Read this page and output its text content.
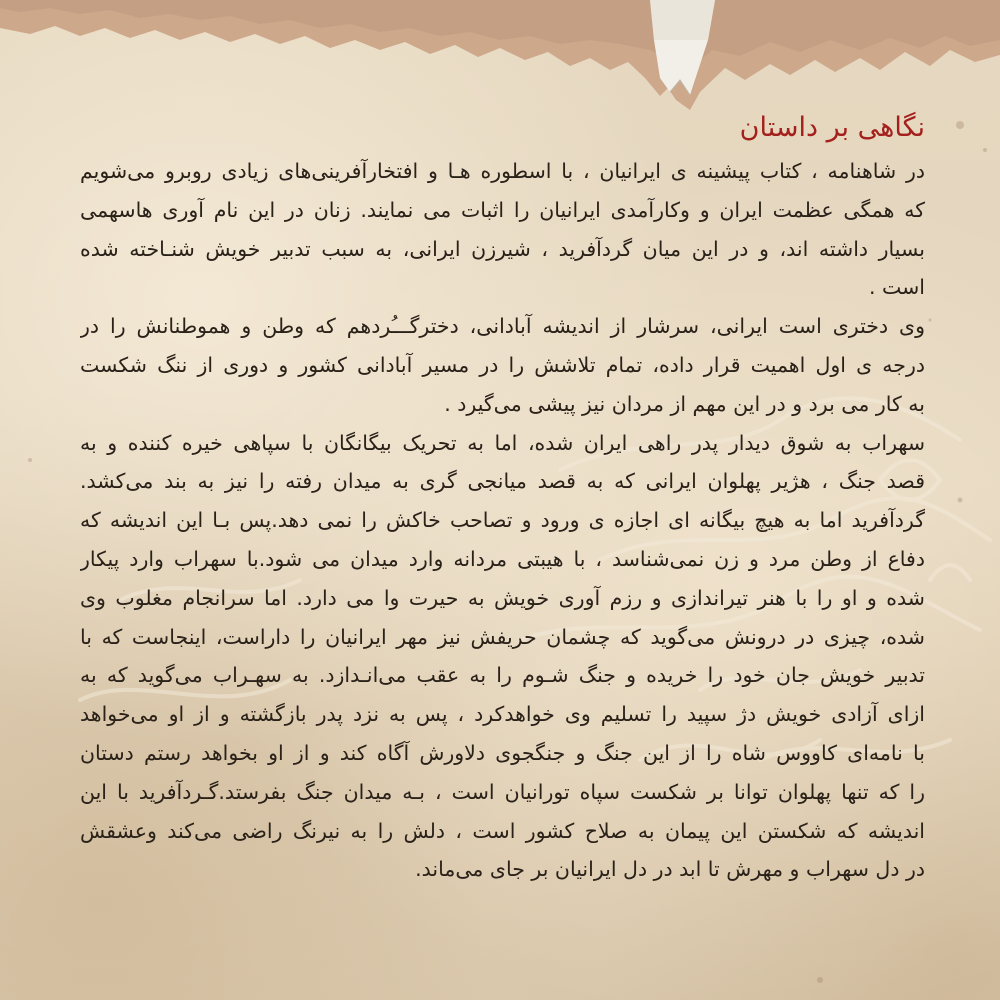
نگاهی بر داستان
در شاهنامه ، کتاب پیشینه ی ایرانیان ، با اسطوره هـا و افتخارآفرینی‌های زیادی روبرو می‌شویم
که همگی عظمت ایران و وکارآمدی ایرانیان را اثبات می نمایند. زنان در این نام آوری هاسهمی
بسیار داشته اند، و در این میان گردآفرید ، شیرزن ایرانی، به سبب تدبیر خویش شنـاخته شده
است .
وی دختری است ایرانی، سرشار از اندیشه آبادانی، دخترگـــُردهم که وطن و هموطنانش را در
درجه ی اول اهمیت قرار داده، تمام تلاشش را در مسیر آبادانی کشور و دوری از ننگ شکست
به کار می برد و در این مهم از مردان نیز پیشی می‌گیرد .
سهراب به شوق دیدار پدر راهی ایران شده، اما به تحریک بیگانگان با سپاهی خیره کننده و به
قصد جنگ ، هژیر پهلوان ایرانی که به قصد میانجی گری به میدان رفته را نیز به بند می‌کشد.
گردآفرید اما به هیچ بیگانه ای اجازه ی ورود و تصاحب خاکش را نمی دهد.پس بـا این اندیشه که
دفاع از وطن مرد و زن نمی‌شناسد ، با هیبتی مردانه وارد میدان می شود.با سهراب وارد پیکار
شده و او را با هنر تیراندازی و رزم آوری خویش به حیرت وا می دارد. اما سرانجام مغلوب وی
شده، چیزی در درونش می‌گوید که چشمان حریفش نیز مهر ایرانیان را داراست، اینجاست که با
تدبیر خویش جان خود را خریده و جنگ شـوم را به عقب می‌انـدازد. به سهـراب می‌گوید که به
ازای آزادی خویش دژ سپید را تسلیم وی خواهدکرد ، پس به نزد پدر بازگشته و از او می‌خواهد
با نامه‌ای کاووس شاه را از این جنگ و جنگجوی دلاورش آگاه کند و از او بخواهد رستم دستان
را که تنها پهلوان توانا بر شکست سپاه تورانیان است ، بـه میدان جنگ بفرستد.گـردآفرید با این
اندیشه که شکستن این پیمان به صلاح کشور است ، دلش را به نیرنگ راضی می‌کند وعشقش
در دل سهراب و مهرش تا ابد در دل ایرانیان بر جای می‌ماند.
